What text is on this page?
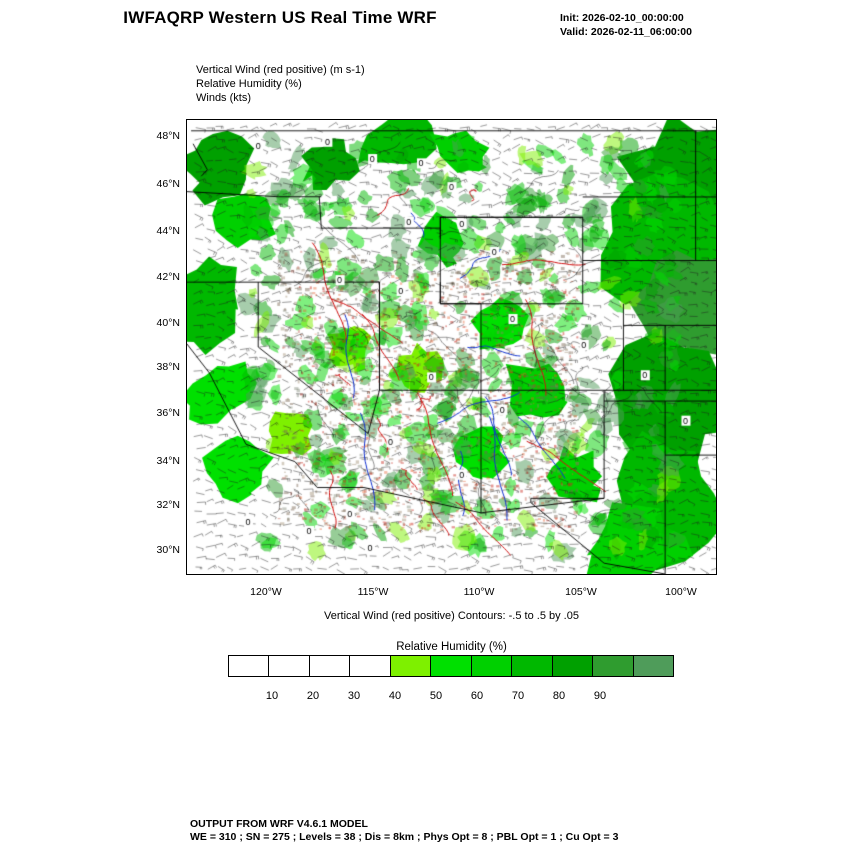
IWFAQRP Western US Real Time WRF	Init: 2026-02-10_00:00:00
Valid: 2026-02-11_06:00:00
Vertical Wind (red positive) (m s-1)
Relative Humidity (%)
Winds (kts)
48°N
46°N
44°N
42°N
40°N
38°N
36°N
34°N
32°N
30°N
120°W	115°W	110°W	105°W	100°W
Vertical Wind (red positive) Contours: -.5 to .5 by .05
Relative Humidity (%)
10	20	30	40	50	60	70	80	90
OUTPUT FROM WRF V4.6.1 MODEL
WE = 310 ; SN = 275 ; Levels = 38 ; Dis = 8km ; Phys Opt = 8 ; PBL Opt = 1 ; Cu Opt = 3
